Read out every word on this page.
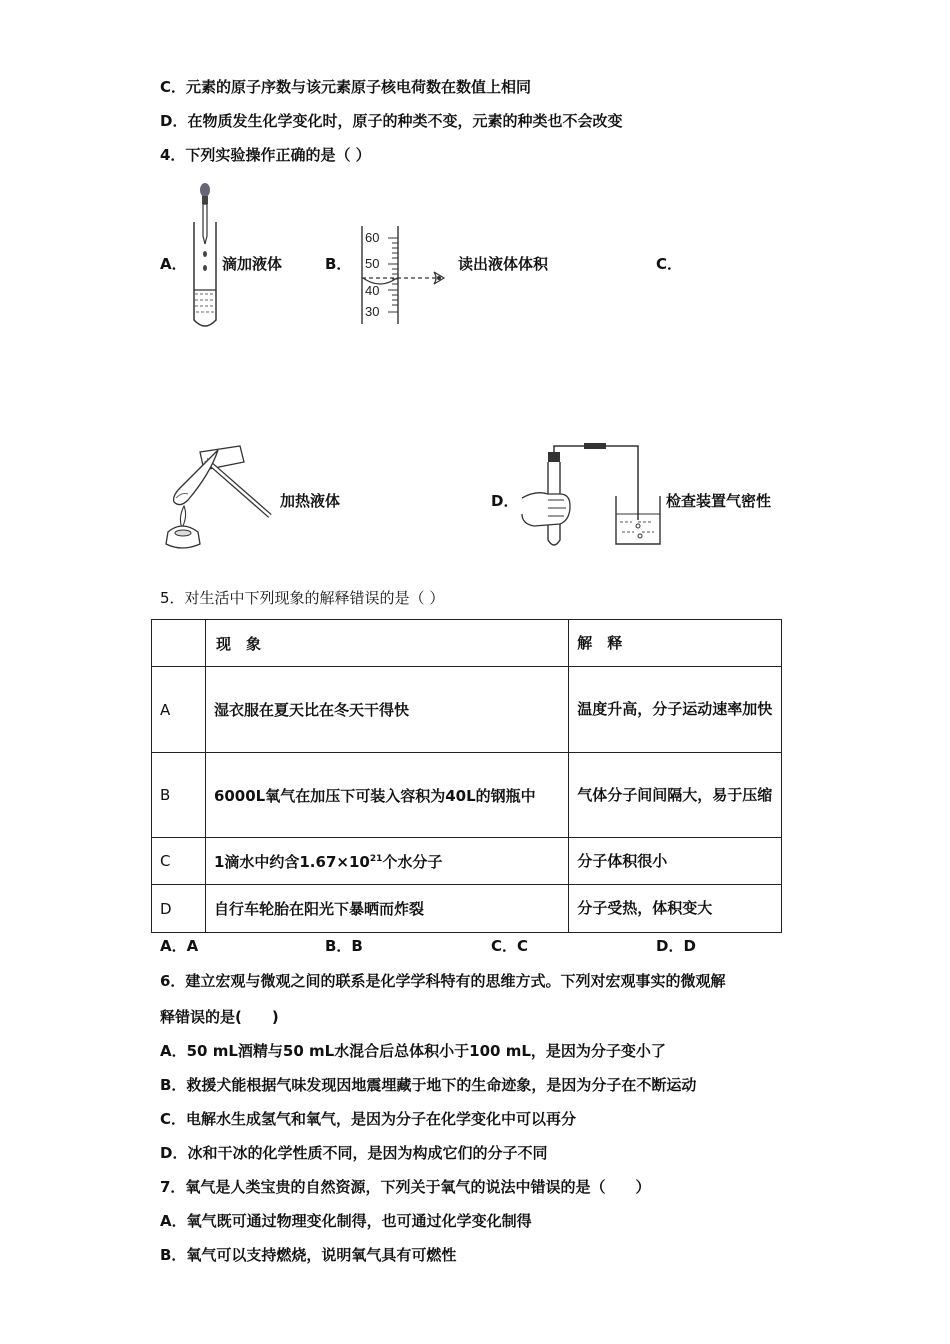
C．元素的原子序数与该元素原子核电荷数在数值上相同
D．在物质发生化学变化时，原子的种类不变，元素的种类也不会改变
4．下列实验操作正确的是（ ）
A． 滴加液体	B．
60
50
40
30
读出液体体积	C．
加热液体	D．	检查装置气密性
5．对生活中下列现象的解释错误的是（ ）
	现　象	解　释
A	湿衣服在夏天比在冬天干得快	温度升高，分子运动速率加快
B	6000L氧气在加压下可装入容积为40L的钢瓶中	气体分子间间隔大，易于压缩
C	1滴水中约含$1.67\times 10^{21}$个水分子	分子体积很小
D	自行车轮胎在阳光下暴晒而炸裂	分子受热，体积变大
A．A	B．B	C．C	D．D
6．建立宏观与微观之间的联系是化学学科特有的思维方式。下列对宏观事实的微观解
释错误的是(　　)
A．50 mL酒精与50 mL水混合后总体积小于100 mL，是因为分子变小了
B．救援犬能根据气味发现因地震埋藏于地下的生命迹象，是因为分子在不断运动
C．电解水生成氢气和氧气，是因为分子在化学变化中可以再分
D．冰和干冰的化学性质不同，是因为构成它们的分子不同
7．氧气是人类宝贵的自然资源，下列关于氧气的说法中错误的是（　　）
A．氧气既可通过物理变化制得，也可通过化学变化制得
B．氧气可以支持燃烧，说明氧气具有可燃性
